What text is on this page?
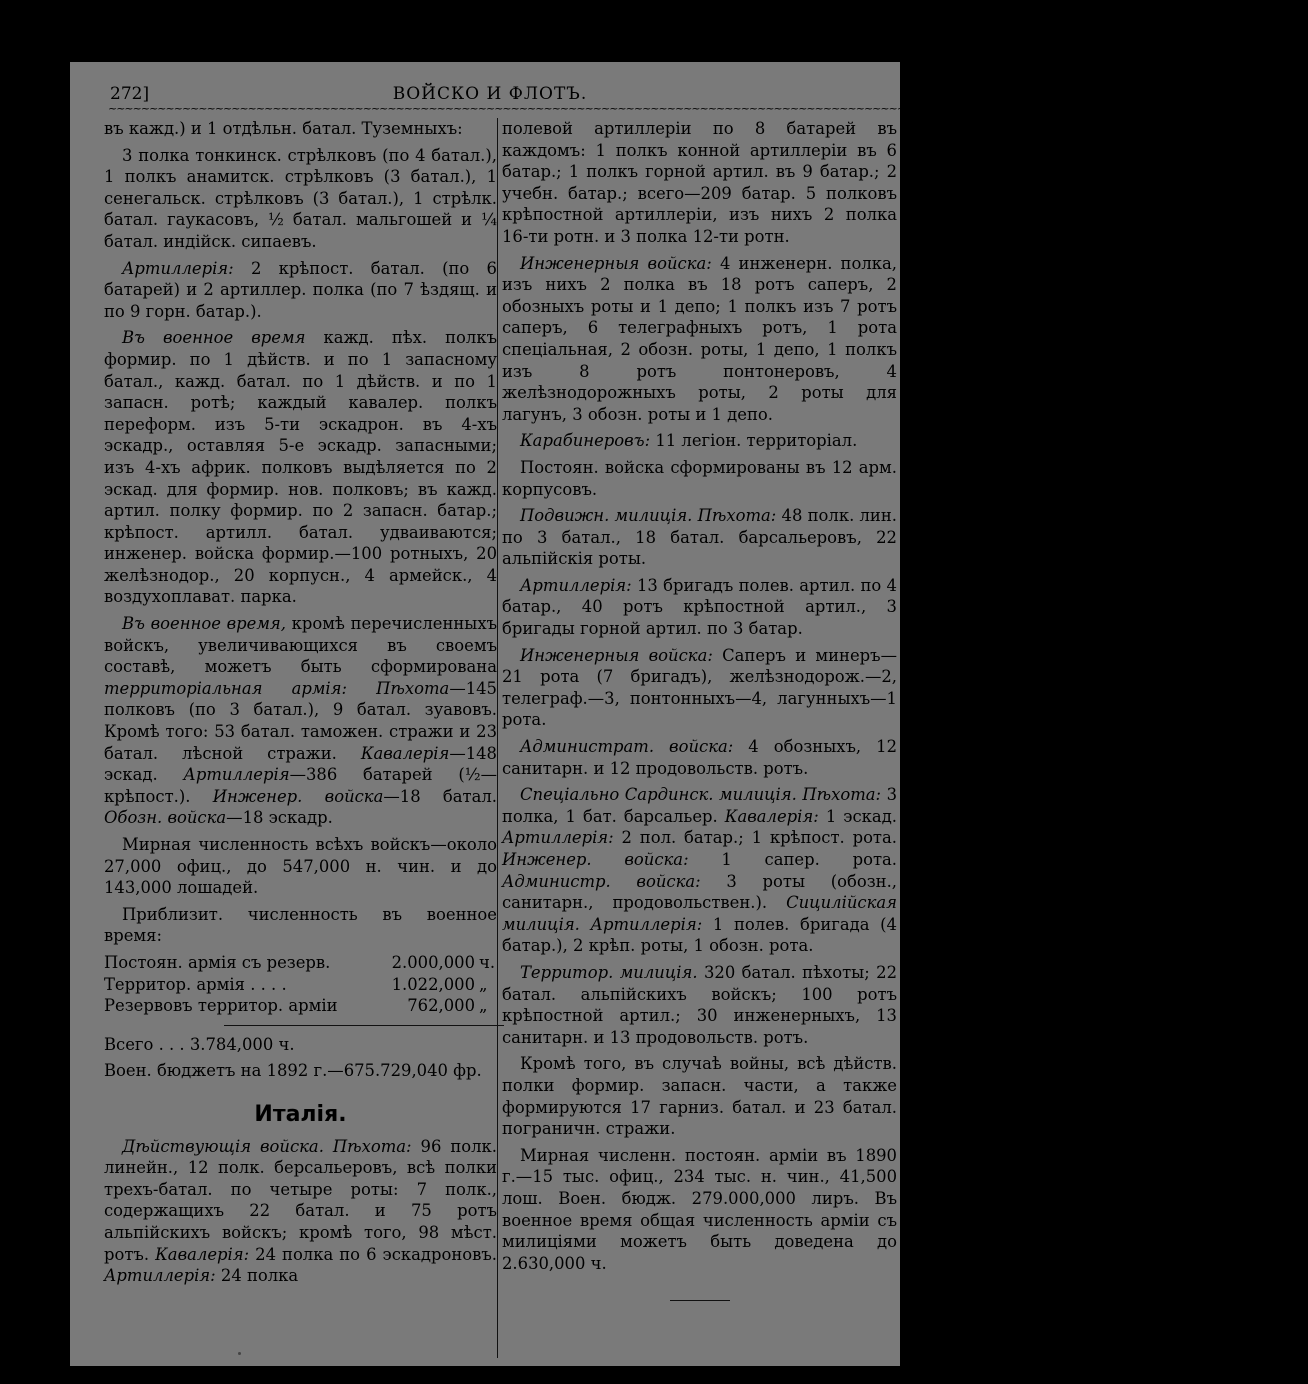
272]	ВОЙСКО И ФЛОТЪ.
~~~~~~~~~~~~~~~~~~~~~~~~~~~~~~~~~~~~~~~~~~~~~~~~~~~~~~~~~~~~~~~~~~~~~~~~~~~~~~~~~~~~~~~~~~~~~~~~~~~~~~~~~~~~~~~~~~~~~~~~~~~~~~~~~~~~~~~~~~~~~~~~~~

въ кажд.) и 1 отдѣльн. батал. Туземныхъ:

3 полка тонкинск. стрѣлковъ (по 4 батал.), 1 полкъ анамитск. стрѣлковъ (3 батал.), 1 сенегальск. стрѣлковъ (3 батал.), 1 стрѣлк. батал. гаукасовъ, ½ батал. мальгошей и ¼ батал. индійск. сипаевъ.

Артиллерія: 2 крѣпост. батал. (по 6 батарей) и 2 артиллер. полка (по 7 ѣздящ. и по 9 горн. батар.).

Въ военное время кажд. пѣх. полкъ формир. по 1 дѣйств. и по 1 запасному батал., кажд. батал. по 1 дѣйств. и по 1 запасн. ротѣ; каждый кавалер. полкъ переформ. изъ 5-ти эскадрон. въ 4-хъ эскадр., оставляя 5-е эскадр. запасными; изъ 4-хъ африк. полковъ выдѣляется по 2 эскад. для формир. нов. полковъ; въ кажд. артил. полку формир. по 2 запасн. батар.; крѣпост. артилл. батал. удваиваются; инженер. войска формир.—100 ротныхъ, 20 желѣзнодор., 20 корпусн., 4 армейск., 4 воздухоплават. парка.

Въ военное время, кромѣ перечисленныхъ войскъ, увеличивающихся въ своемъ составѣ, можетъ быть сформирована территоріальная армія: Пѣхота—145 полковъ (по 3 батал.), 9 батал. зуавовъ. Кромѣ того: 53 батал. таможен. стражи и 23 батал. лѣсной стражи. Кавалерія—148 эскад. Артиллерія—386 батарей (½—крѣпост.). Инженер. войска—18 батал. Обозн. войска—18 эскадр.

Мирная численность всѣхъ войскъ—около 27,000 офиц., до 547,000 н. чин. и до 143,000 лошадей.

Приблизит. численность въ военное время:

Постоян. армія съ резерв.	2.000,000	ч.
Территор. армія . . . .	1.022,000	„
Резервовъ территор. арміи	762,000	„

Всего . . . 3.784,000 ч.

Воен. бюджетъ на 1892 г.—675.729,040 фр.

Италія.

Дѣйствующія войска. Пѣхота: 96 полк. линейн., 12 полк. берсальеровъ, всѣ полки трехъ-батал. по четыре роты: 7 полк., содержащихъ 22 батал. и 75 ротъ альпійскихъ войскъ; кромѣ того, 98 мѣст. ротъ. Кавалерія: 24 полка по 6 эскадроновъ. Артиллерія: 24 полка

полевой артиллеріи по 8 батарей въ каждомъ: 1 полкъ конной артиллеріи въ 6 батар.; 1 полкъ горной артил. въ 9 батар.; 2 учебн. батар.; всего—209 батар. 5 полковъ крѣпостной артиллеріи, изъ нихъ 2 полка 16-ти ротн. и 3 полка 12-ти ротн.

Инженерныя войска: 4 инженерн. полка, изъ нихъ 2 полка въ 18 ротъ саперъ, 2 обозныхъ роты и 1 депо; 1 полкъ изъ 7 ротъ саперъ, 6 телеграфныхъ ротъ, 1 рота спеціальная, 2 обозн. роты, 1 депо, 1 полкъ изъ 8 ротъ понтонеровъ, 4 желѣзнодорожныхъ роты, 2 роты для лагунъ, 3 обозн. роты и 1 депо.

Карабинеровъ: 11 легіон. территоріал.

Постоян. войска сформированы въ 12 арм. корпусовъ.

Подвижн. милиція. Пѣхота: 48 полк. лин. по 3 батал., 18 батал. барсальеровъ, 22 альпійскія роты.

Артиллерія: 13 бригадъ полев. артил. по 4 батар., 40 ротъ крѣпостной артил., 3 бригады горной артил. по 3 батар.

Инженерныя войска: Саперъ и минеръ—21 рота (7 бригадъ), желѣзнодорож.—2, телеграф.—3, понтонныхъ—4, лагунныхъ—1 рота.

Администрат. войска: 4 обозныхъ, 12 санитарн. и 12 продовольств. ротъ.

Спеціально Сардинск. милиція. Пѣхота: 3 полка, 1 бат. барсальер. Кавалерія: 1 эскад. Артиллерія: 2 пол. батар.; 1 крѣпост. рота. Инженер. войска: 1 сапер. рота. Администр. войска: 3 роты (обозн., санитарн., продовольствен.). Сицилійская милиція. Артиллерія: 1 полев. бригада (4 батар.), 2 крѣп. роты, 1 обозн. рота.

Территор. милиція. 320 батал. пѣхоты; 22 батал. альпійскихъ войскъ; 100 ротъ крѣпостной артил.; 30 инженерныхъ, 13 санитарн. и 13 продовольств. ротъ.

Кромѣ того, въ случаѣ войны, всѣ дѣйств. полки формир. запасн. части, а также формируются 17 гарниз. батал. и 23 батал. пограничн. стражи.

Мирная численн. постоян. арміи въ 1890 г.—15 тыс. офиц., 234 тыс. н. чин., 41,500 лош. Воен. бюдж. 279.000,000 лиръ. Въ военное время общая численность арміи съ милиціями можетъ быть доведена до 2.630,000 ч.
